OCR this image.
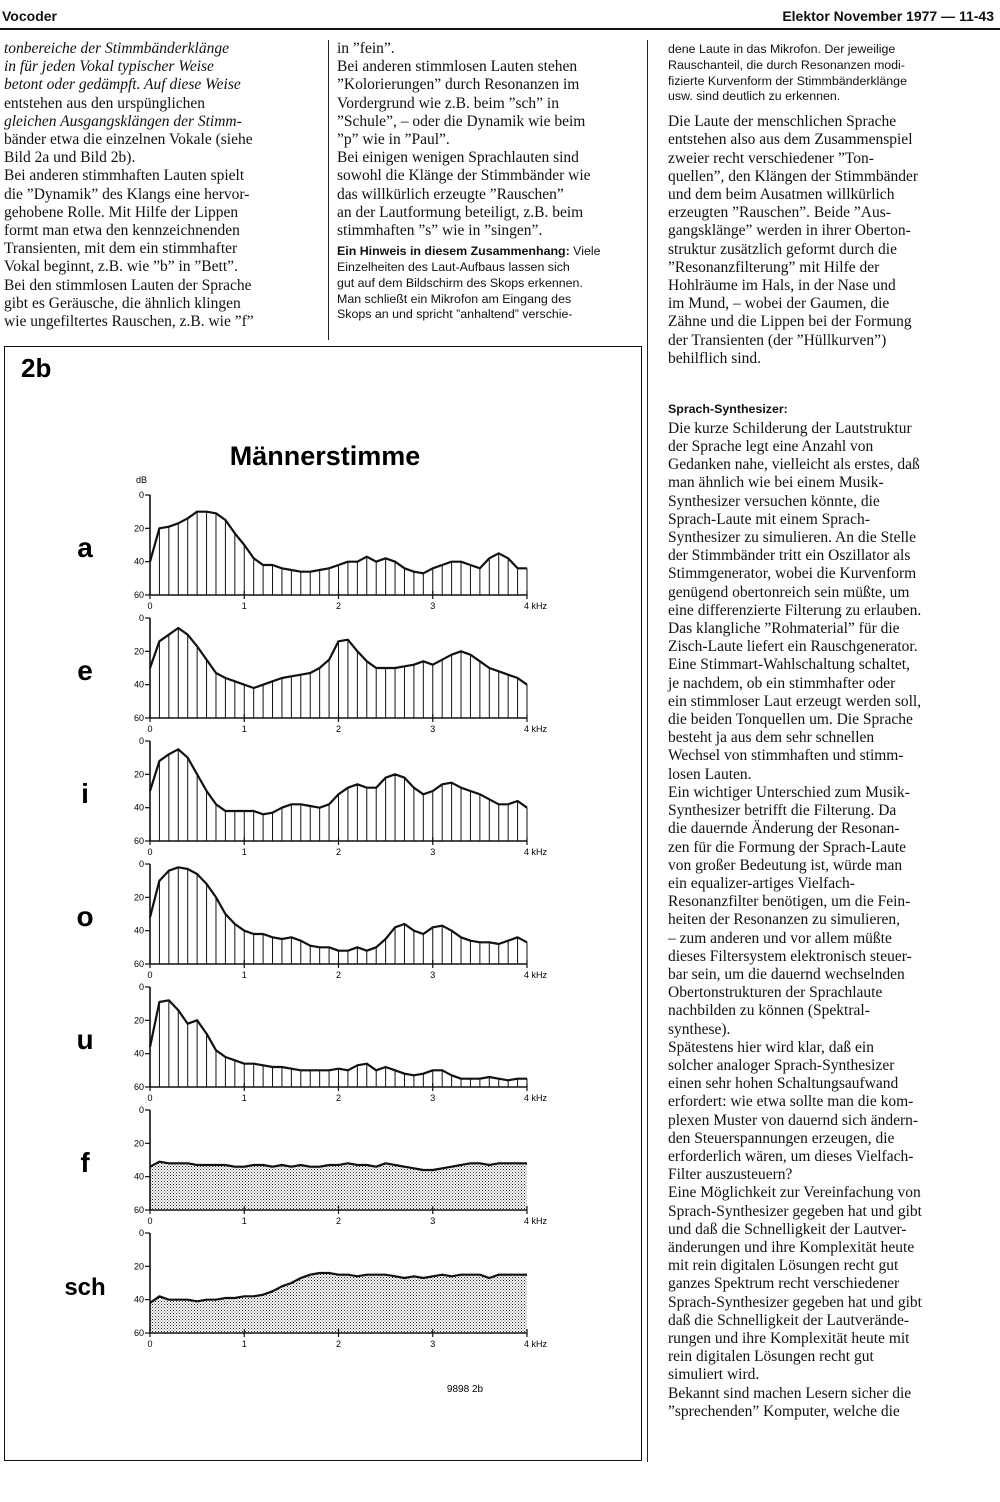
Vocoder	Elektor November 1977 — 11-43

tonbereiche der Stimmbänderklänge

in für jeden Vokal typischer Weise

betont oder gedämpft. Auf diese Weise

entstehen aus den urspünglichen

gleichen Ausgangsklängen der Stimm-

bänder etwa die einzelnen Vokale (siehe

Bild 2a und Bild 2b).

Bei anderen stimmhaften Lauten spielt

die ”Dynamik” des Klangs eine hervor-

gehobene Rolle. Mit Hilfe der Lippen

formt man etwa den kennzeichnenden

Transienten, mit dem ein stimmhafter

Vokal beginnt, z.B. wie ”b” in ”Bett”.

Bei den stimmlosen Lauten der Sprache

gibt es Geräusche, die ähnlich klingen

wie ungefiltertes Rauschen, z.B. wie ”f”

in ”fein”.

Bei anderen stimmlosen Lauten stehen

”Kolorierungen” durch Resonanzen im

Vordergrund wie z.B. beim ”sch” in

”Schule”, – oder die Dynamik wie beim

”p” wie in ”Paul”.

Bei einigen wenigen Sprachlauten sind

sowohl die Klänge der Stimmbänder wie

das willkürlich erzeugte ”Rauschen”

an der Lautformung beteiligt, z.B. beim

stimmhaften ”s” wie in ”singen”.

Ein Hinweis in diesem Zusammenhang: Viele
Einzelheiten des Laut-Aufbaus lassen sich
gut auf dem Bildschirm des Skops erkennen.
Man schließt ein Mikrofon am Eingang des
Skops an und spricht ”anhaltend” verschie-
dene Laute in das Mikrofon. Der jeweilige
Rauschanteil, die durch Resonanzen modi-
fizierte Kurvenform der Stimmbänderklänge
usw. sind deutlich zu erkennen.

Die Laute der menschlichen Sprache

entstehen also aus dem Zusammenspiel

zweier recht verschiedener ”Ton-

quellen”, den Klängen der Stimmbänder

und dem beim Ausatmen willkürlich

erzeugten ”Rauschen”. Beide ”Aus-

gangsklänge” werden in ihrer Oberton-

struktur zusätzlich geformt durch die

”Resonanzfilterung” mit Hilfe der

Hohlräume im Hals, in der Nase und

im Mund, – wobei der Gaumen, die

Zähne und die Lippen bei der Formung

der Transienten (der ”Hüllkurven”)

behilflich sind.

Sprach-Synthesizer:

Die kurze Schilderung der Lautstruktur

der Sprache legt eine Anzahl von

Gedanken nahe, vielleicht als erstes, daß

man ähnlich wie bei einem Musik-

Synthesizer versuchen könnte, die

Sprach-Laute mit einem Sprach-

Synthesizer zu simulieren. An die Stelle

der Stimmbänder tritt ein Oszillator als

Stimmgenerator, wobei die Kurvenform

genügend obertonreich sein müßte, um

eine differenzierte Filterung zu erlauben.

Das klangliche ”Rohmaterial” für die

Zisch-Laute liefert ein Rauschgenerator.

Eine Stimmart-Wahlschaltung schaltet,

je nachdem, ob ein stimmhafter oder

ein stimmloser Laut erzeugt werden soll,

die beiden Tonquellen um. Die Sprache

besteht ja aus dem sehr schnellen

Wechsel von stimmhaften und stimm-

losen Lauten.

Ein wichtiger Unterschied zum Musik-

Synthesizer betrifft die Filterung. Da

die dauernde Änderung der Resonan-

zen für die Formung der Sprach-Laute

von großer Bedeutung ist, würde man

ein equalizer-artiges Vielfach-

Resonanzfilter benötigen, um die Fein-

heiten der Resonanzen zu simulieren,

– zum anderen und vor allem müßte

dieses Filtersystem elektronisch steuer-

bar sein, um die dauernd wechselnden

Obertonstrukturen der Sprachlaute

nachbilden zu können (Spektral-

synthese).

Spätestens hier wird klar, daß ein

solcher analoger Sprach-Synthesizer

einen sehr hohen Schaltungsaufwand

erfordert: wie etwa sollte man die kom-

plexen Muster von dauernd sich ändern-

den Steuerspannungen erzeugen, die

erforderlich wären, um dieses Vielfach-

Filter auszusteuern?

Eine Möglichkeit zur Vereinfachung von

Sprach-Synthesizer gegeben hat und gibt

und daß die Schnelligkeit der Lautver-

änderungen und ihre Komplexität heute

mit rein digitalen Lösungen recht gut

ganzes Spektrum recht verschiedener

Sprach-Synthesizer gegeben hat und gibt

daß die Schnelligkeit der Lautverände-

rungen und ihre Komplexität heute mit

rein digitalen Lösungen recht gut

simuliert wird.

Bekannt sind machen Lesern sicher die

”sprechenden” Komputer, welche die

2b
Männerstimme
a
dB
0
20
40
60
0	1	2	3	4 kHz
e
0
20
40
60
0	1	2	3	4 kHz
i
0
20
40
60
0	1	2	3	4 kHz
o
0
20
40
60
0	1	2	3	4 kHz
u
0
20
40
60
0	1	2	3	4 kHz
f
0
20
40
60
0	1	2	3	4 kHz
sch
0
20
40
60
0	1	2	3	4 kHz
9898 2b
